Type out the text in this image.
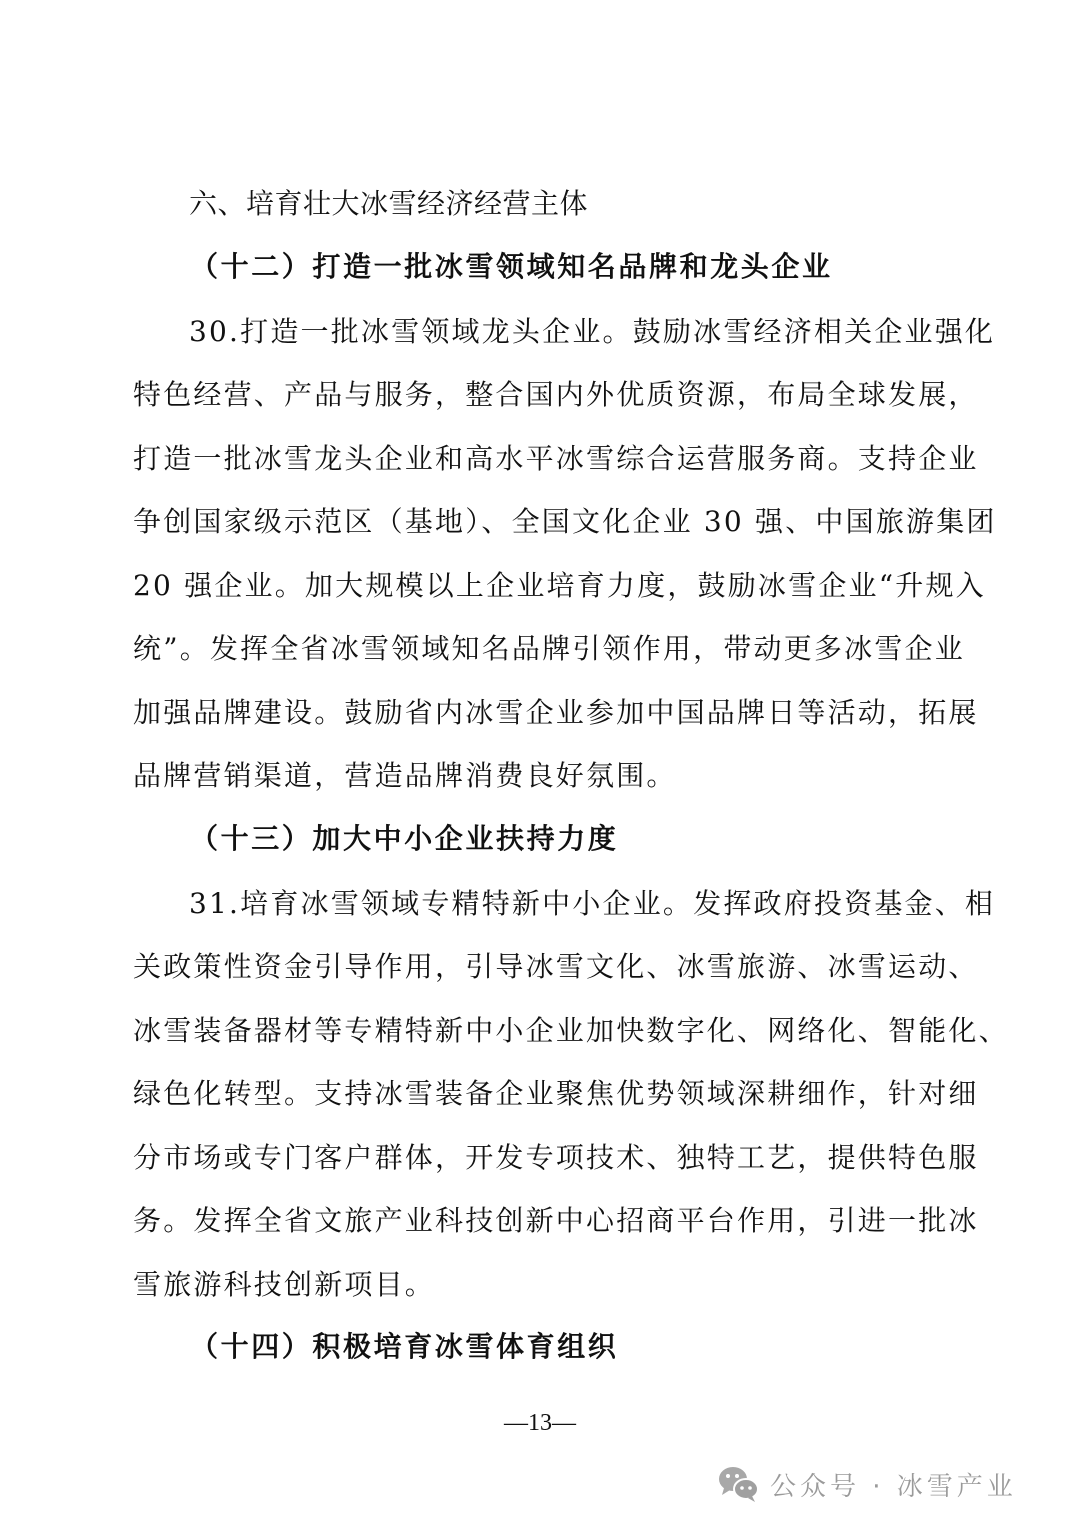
六、培育壮大冰雪经济经营主体
（十二）打造一批冰雪领域知名品牌和龙头企业
30.打造一批冰雪领域龙头企业。鼓励冰雪经济相关企业强化
特色经营、产品与服务，整合国内外优质资源，布局全球发展，
打造一批冰雪龙头企业和高水平冰雪综合运营服务商。支持企业
争创国家级示范区（基地）、全国文化企业 30 强、中国旅游集团
20 强企业。加大规模以上企业培育力度，鼓励冰雪企业“升规入
统”。发挥全省冰雪领域知名品牌引领作用，带动更多冰雪企业
加强品牌建设。鼓励省内冰雪企业参加中国品牌日等活动，拓展
品牌营销渠道，营造品牌消费良好氛围。
（十三）加大中小企业扶持力度
31.培育冰雪领域专精特新中小企业。发挥政府投资基金、相
关政策性资金引导作用，引导冰雪文化、冰雪旅游、冰雪运动、
冰雪装备器材等专精特新中小企业加快数字化、网络化、智能化、
绿色化转型。支持冰雪装备企业聚焦优势领域深耕细作，针对细
分市场或专门客户群体，开发专项技术、独特工艺，提供特色服
务。发挥全省文旅产业科技创新中心招商平台作用，引进一批冰
雪旅游科技创新项目。
（十四）积极培育冰雪体育组织
—13—
公众号 · 冰雪产业
